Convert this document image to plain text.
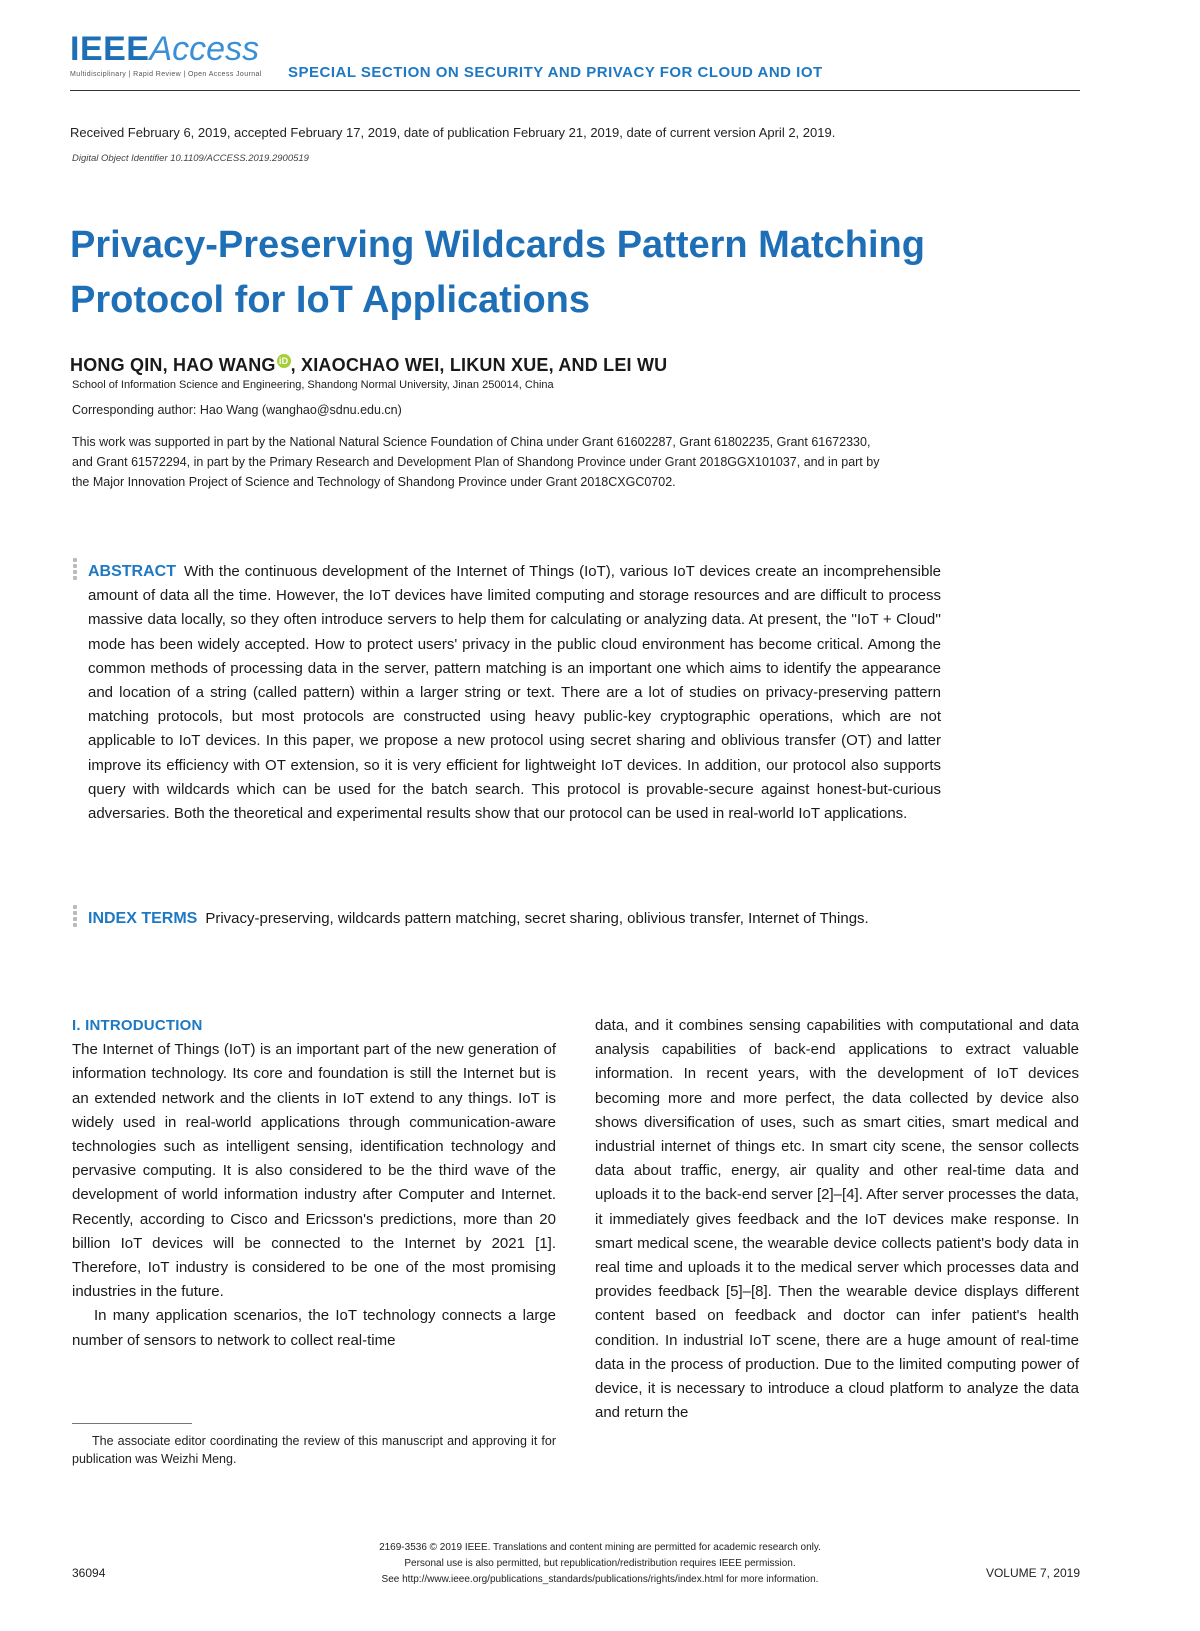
IEEEAccess
Multidisciplinary | Rapid Review | Open Access Journal SPECIAL SECTION ON SECURITY AND PRIVACY FOR CLOUD AND IOT
Received February 6, 2019, accepted February 17, 2019, date of publication February 21, 2019, date of current version April 2, 2019.
Digital Object Identifier 10.1109/ACCESS.2019.2900519
Privacy-Preserving Wildcards Pattern Matching
Protocol for IoT Applications
HONG QIN, HAO WANG iD , XIAOCHAO WEI, LIKUN XUE, AND LEI WU
School of Information Science and Engineering, Shandong Normal University, Jinan 250014, China
Corresponding author: Hao Wang (wanghao@sdnu.edu.cn)
This work was supported in part by the National Natural Science Foundation of China under Grant 61602287, Grant 61802235, Grant 61672330, and Grant 61572294, in part by the Primary Research and Development Plan of Shandong Province under Grant 2018GGX101037, and in part by the Major Innovation Project of Science and Technology of Shandong Province under Grant 2018CXGC0702.
ABSTRACT With the continuous development of the Internet of Things (IoT), various IoT devices create an incomprehensible amount of data all the time. However, the IoT devices have limited computing and storage resources and are difficult to process massive data locally, so they often introduce servers to help them for calculating or analyzing data. At present, the ''IoT + Cloud'' mode has been widely accepted. How to protect users' privacy in the public cloud environment has become critical. Among the common methods of processing data in the server, pattern matching is an important one which aims to identify the appearance and location of a string (called pattern) within a larger string or text. There are a lot of studies on privacy-preserving pattern matching protocols, but most protocols are constructed using heavy public-key cryptographic operations, which are not applicable to IoT devices. In this paper, we propose a new protocol using secret sharing and oblivious transfer (OT) and latter improve its efficiency with OT extension, so it is very efficient for lightweight IoT devices. In addition, our protocol also supports query with wildcards which can be used for the batch search. This protocol is provable-secure against honest-but-curious adversaries. Both the theoretical and experimental results show that our protocol can be used in real-world IoT applications.
INDEX TERMS Privacy-preserving, wildcards pattern matching, secret sharing, oblivious transfer, Internet of Things.
I. INTRODUCTION

The Internet of Things (IoT) is an important part of the new generation of information technology. Its core and foundation is still the Internet but is an extended network and the clients in IoT extend to any things. IoT is widely used in real-world applications through communication-aware technologies such as intelligent sensing, identification technology and pervasive computing. It is also considered to be the third wave of the development of world information industry after Computer and Internet. Recently, according to Cisco and Ericsson's predictions, more than 20 billion IoT devices will be connected to the Internet by 2021 [1]. Therefore, IoT industry is considered to be one of the most promising industries in the future.

In many application scenarios, the IoT technology connects a large number of sensors to network to collect real-time

data, and it combines sensing capabilities with computational and data analysis capabilities of back-end applications to extract valuable information. In recent years, with the development of IoT devices becoming more and more perfect, the data collected by device also shows diversification of uses, such as smart cities, smart medical and industrial internet of things etc. In smart city scene, the sensor collects data about traffic, energy, air quality and other real-time data and uploads it to the back-end server [2]–[4]. After server processes the data, it immediately gives feedback and the IoT devices make response. In smart medical scene, the wearable device collects patient's body data in real time and uploads it to the medical server which processes data and provides feedback [5]–[8]. Then the wearable device displays different content based on feedback and doctor can infer patient's health condition. In industrial IoT scene, there are a huge amount of real-time data in the process of production. Due to the limited computing power of device, it is necessary to introduce a cloud platform to analyze the data and return the

The associate editor coordinating the review of this manuscript and approving it for publication was Weizhi Meng.
36094
2169-3536 © 2019 IEEE. Translations and content mining are permitted for academic research only.
Personal use is also permitted, but republication/redistribution requires IEEE permission.
See http://www.ieee.org/publications_standards/publications/rights/index.html for more information.	VOLUME 7, 2019
